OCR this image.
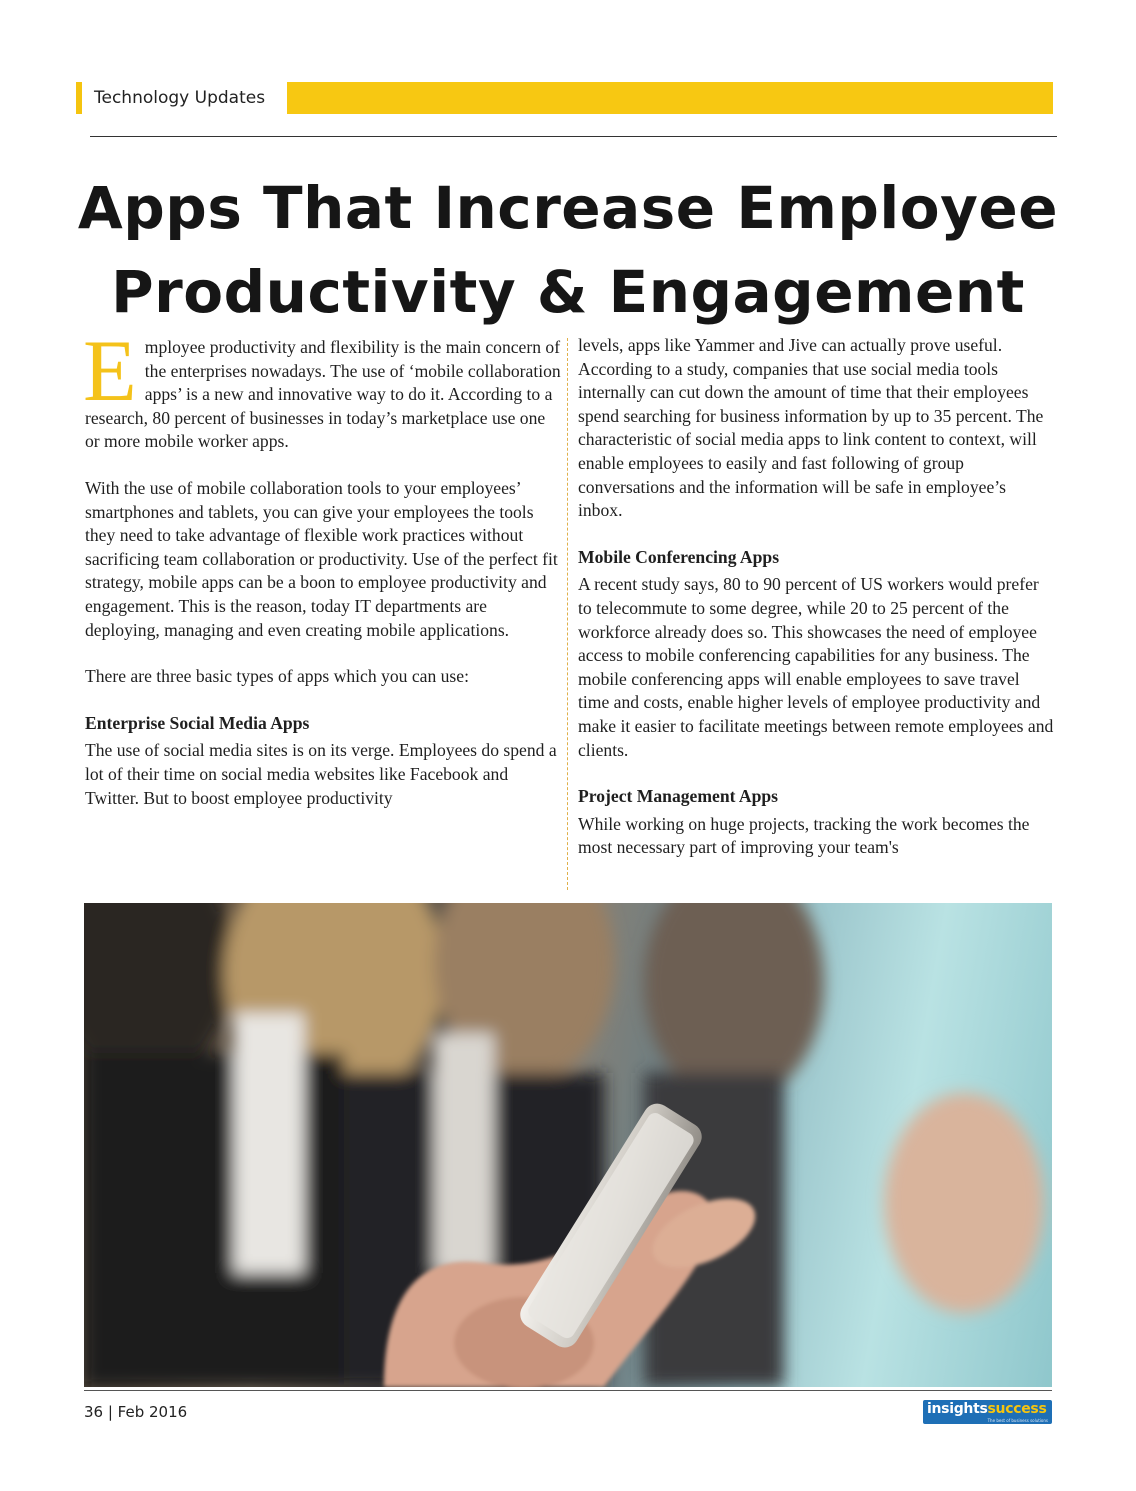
Technology Updates
Apps That Increase Employee
Productivity & Engagement

Employee productivity and flexibility is the main concern of the enterprises nowadays. The use of ‘mobile collaboration apps’ is a new and innovative way to do it. According to a research, 80 percent of businesses in today’s marketplace use one or more mobile worker apps.

With the use of mobile collaboration tools to your employees’ smartphones and tablets, you can give your employees the tools they need to take advantage of flexible work practices without sacrificing team collaboration or productivity. Use of the perfect fit strategy, mobile apps can be a boon to employee productivity and engagement. This is the reason, today IT departments are deploying, managing and even creating mobile applications.

There are three basic types of apps which you can use:

Enterprise Social Media Apps

The use of social media sites is on its verge. Employees do spend a lot of their time on social media websites like Facebook and Twitter. But to boost employee productivity

levels, apps like Yammer and Jive can actually prove useful. According to a study, companies that use social media tools internally can cut down the amount of time that their employees spend searching for business information by up to 35 percent. The characteristic of social media apps to link content to context, will enable employees to easily and fast following of group conversations and the information will be safe in employee’s inbox.

Mobile Conferencing Apps

A recent study says, 80 to 90 percent of US workers would prefer to telecommute to some degree, while 20 to 25 percent of the workforce already does so. This showcases the need of employee access to mobile conferencing capabilities for any business. The mobile conferencing apps will enable employees to save travel time and costs, enable higher levels of employee productivity and make it easier to facilitate meetings between remote employees and clients.

Project Management Apps

While working on huge projects, tracking the work becomes the most necessary part of improving your team's

36 | Feb 2016	insightssuccess
The best of business solutions
